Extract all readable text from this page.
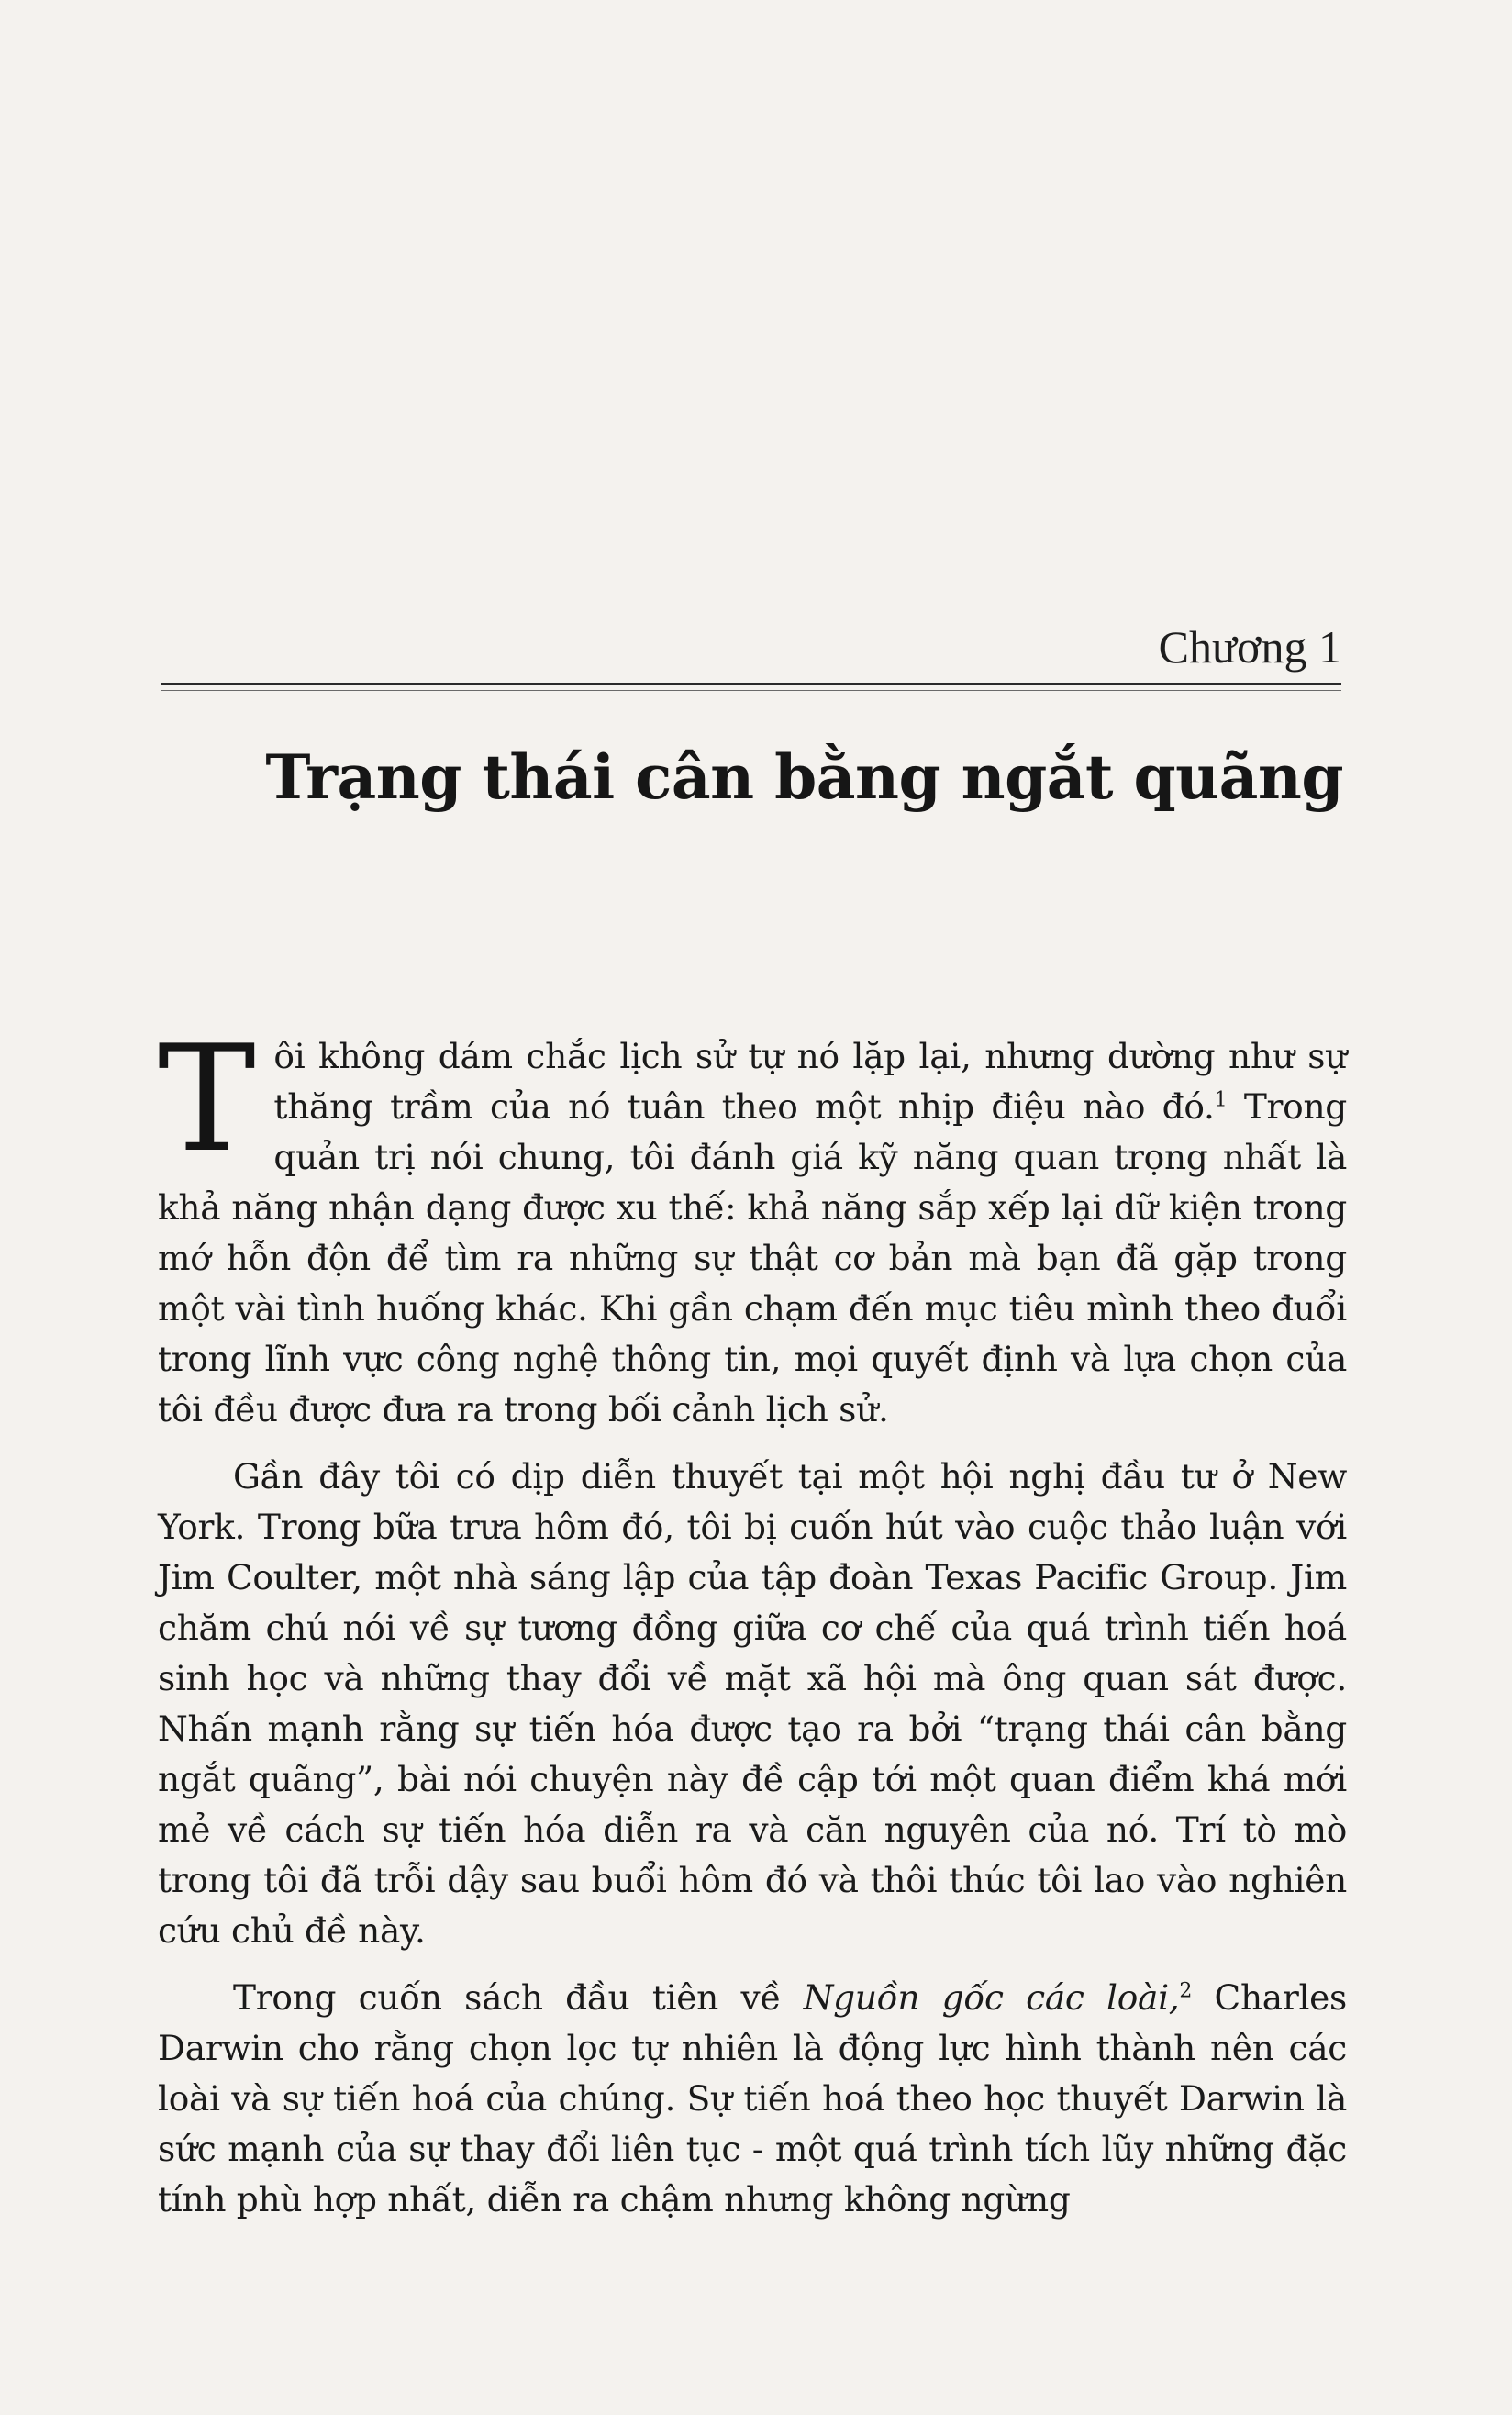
Chương 1
Trạng thái cân bằng ngắt quãng

Tôi không dám chắc lịch sử tự nó lặp lại, nhưng dường như sự thăng trầm của nó tuân theo một nhịp điệu nào đó.$^1$ Trong quản trị nói chung, tôi đánh giá kỹ năng quan trọng nhất là khả năng nhận dạng được xu thế: khả năng sắp xếp lại dữ kiện trong mớ hỗn độn để tìm ra những sự thật cơ bản mà bạn đã gặp trong một vài tình huống khác. Khi gần chạm đến mục tiêu mình theo đuổi trong lĩnh vực công nghệ thông tin, mọi quyết định và lựa chọn của tôi đều được đưa ra trong bối cảnh lịch sử.

Gần đây tôi có dịp diễn thuyết tại một hội nghị đầu tư ở New York. Trong bữa trưa hôm đó, tôi bị cuốn hút vào cuộc thảo luận với Jim Coulter, một nhà sáng lập của tập đoàn Texas Pacific Group. Jim chăm chú nói về sự tương đồng giữa cơ chế của quá trình tiến hoá sinh học và những thay đổi về mặt xã hội mà ông quan sát được. Nhấn mạnh rằng sự tiến hóa được tạo ra bởi “trạng thái cân bằng ngắt quãng”, bài nói chuyện này đề cập tới một quan điểm khá mới mẻ về cách sự tiến hóa diễn ra và căn nguyên của nó. Trí tò mò trong tôi đã trỗi dậy sau buổi hôm đó và thôi thúc tôi lao vào nghiên cứu chủ đề này.

Trong cuốn sách đầu tiên về Nguồn gốc các loài,$^2$ Charles Darwin cho rằng chọn lọc tự nhiên là động lực hình thành nên các loài và sự tiến hoá của chúng. Sự tiến hoá theo học thuyết Darwin là sức mạnh của sự thay đổi liên tục - một quá trình tích lũy những đặc tính phù hợp nhất, diễn ra chậm nhưng không ngừng
